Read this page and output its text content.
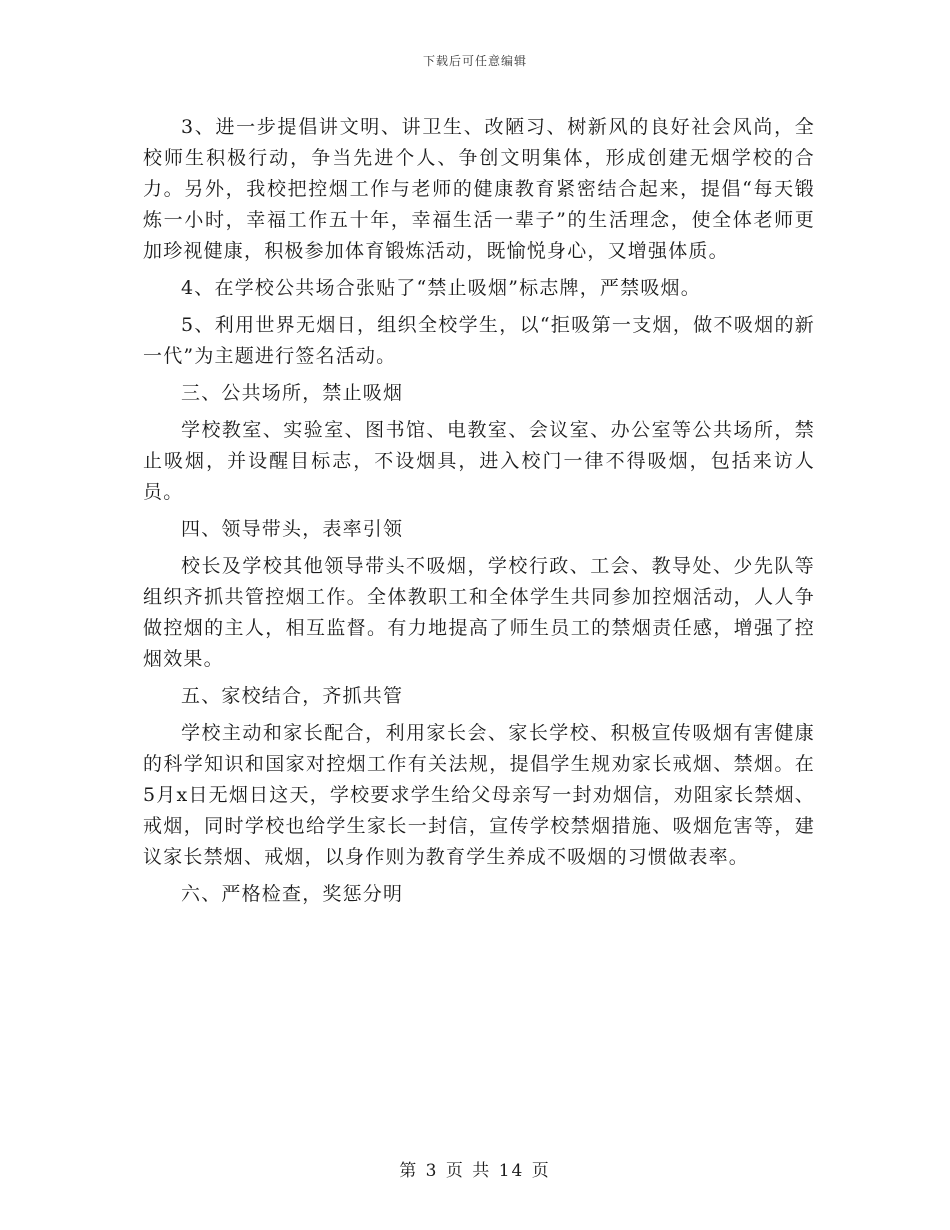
下载后可任意编辑

3、进一步提倡讲文明、讲卫生、改陋习、树新风的良好社会风尚，全校师生积极行动，争当先进个人、争创文明集体，形成创建无烟学校的合力。另外，我校把控烟工作与老师的健康教育紧密结合起来，提倡“每天锻炼一小时，幸福工作五十年，幸福生活一辈子”的生活理念，使全体老师更加珍视健康，积极参加体育锻炼活动，既愉悦身心，又增强体质。

4、在学校公共场合张贴了“禁止吸烟”标志牌，严禁吸烟。

5、利用世界无烟日，组织全校学生，以“拒吸第一支烟，做不吸烟的新一代”为主题进行签名活动。

三、公共场所，禁止吸烟

学校教室、实验室、图书馆、电教室、会议室、办公室等公共场所，禁止吸烟，并设醒目标志，不设烟具，进入校门一律不得吸烟，包括来访人员。

四、领导带头，表率引领

校长及学校其他领导带头不吸烟，学校行政、工会、教导处、少先队等组织齐抓共管控烟工作。全体教职工和全体学生共同参加控烟活动，人人争做控烟的主人，相互监督。有力地提高了师生员工的禁烟责任感，增强了控烟效果。

五、家校结合，齐抓共管

学校主动和家长配合，利用家长会、家长学校、积极宣传吸烟有害健康的科学知识和国家对控烟工作有关法规，提倡学生规劝家长戒烟、禁烟。在5月x日无烟日这天，学校要求学生给父母亲写一封劝烟信，劝阻家长禁烟、戒烟，同时学校也给学生家长一封信，宣传学校禁烟措施、吸烟危害等，建议家长禁烟、戒烟，以身作则为教育学生养成不吸烟的习惯做表率。

六、严格检查，奖惩分明

第 3 页 共 14 页
